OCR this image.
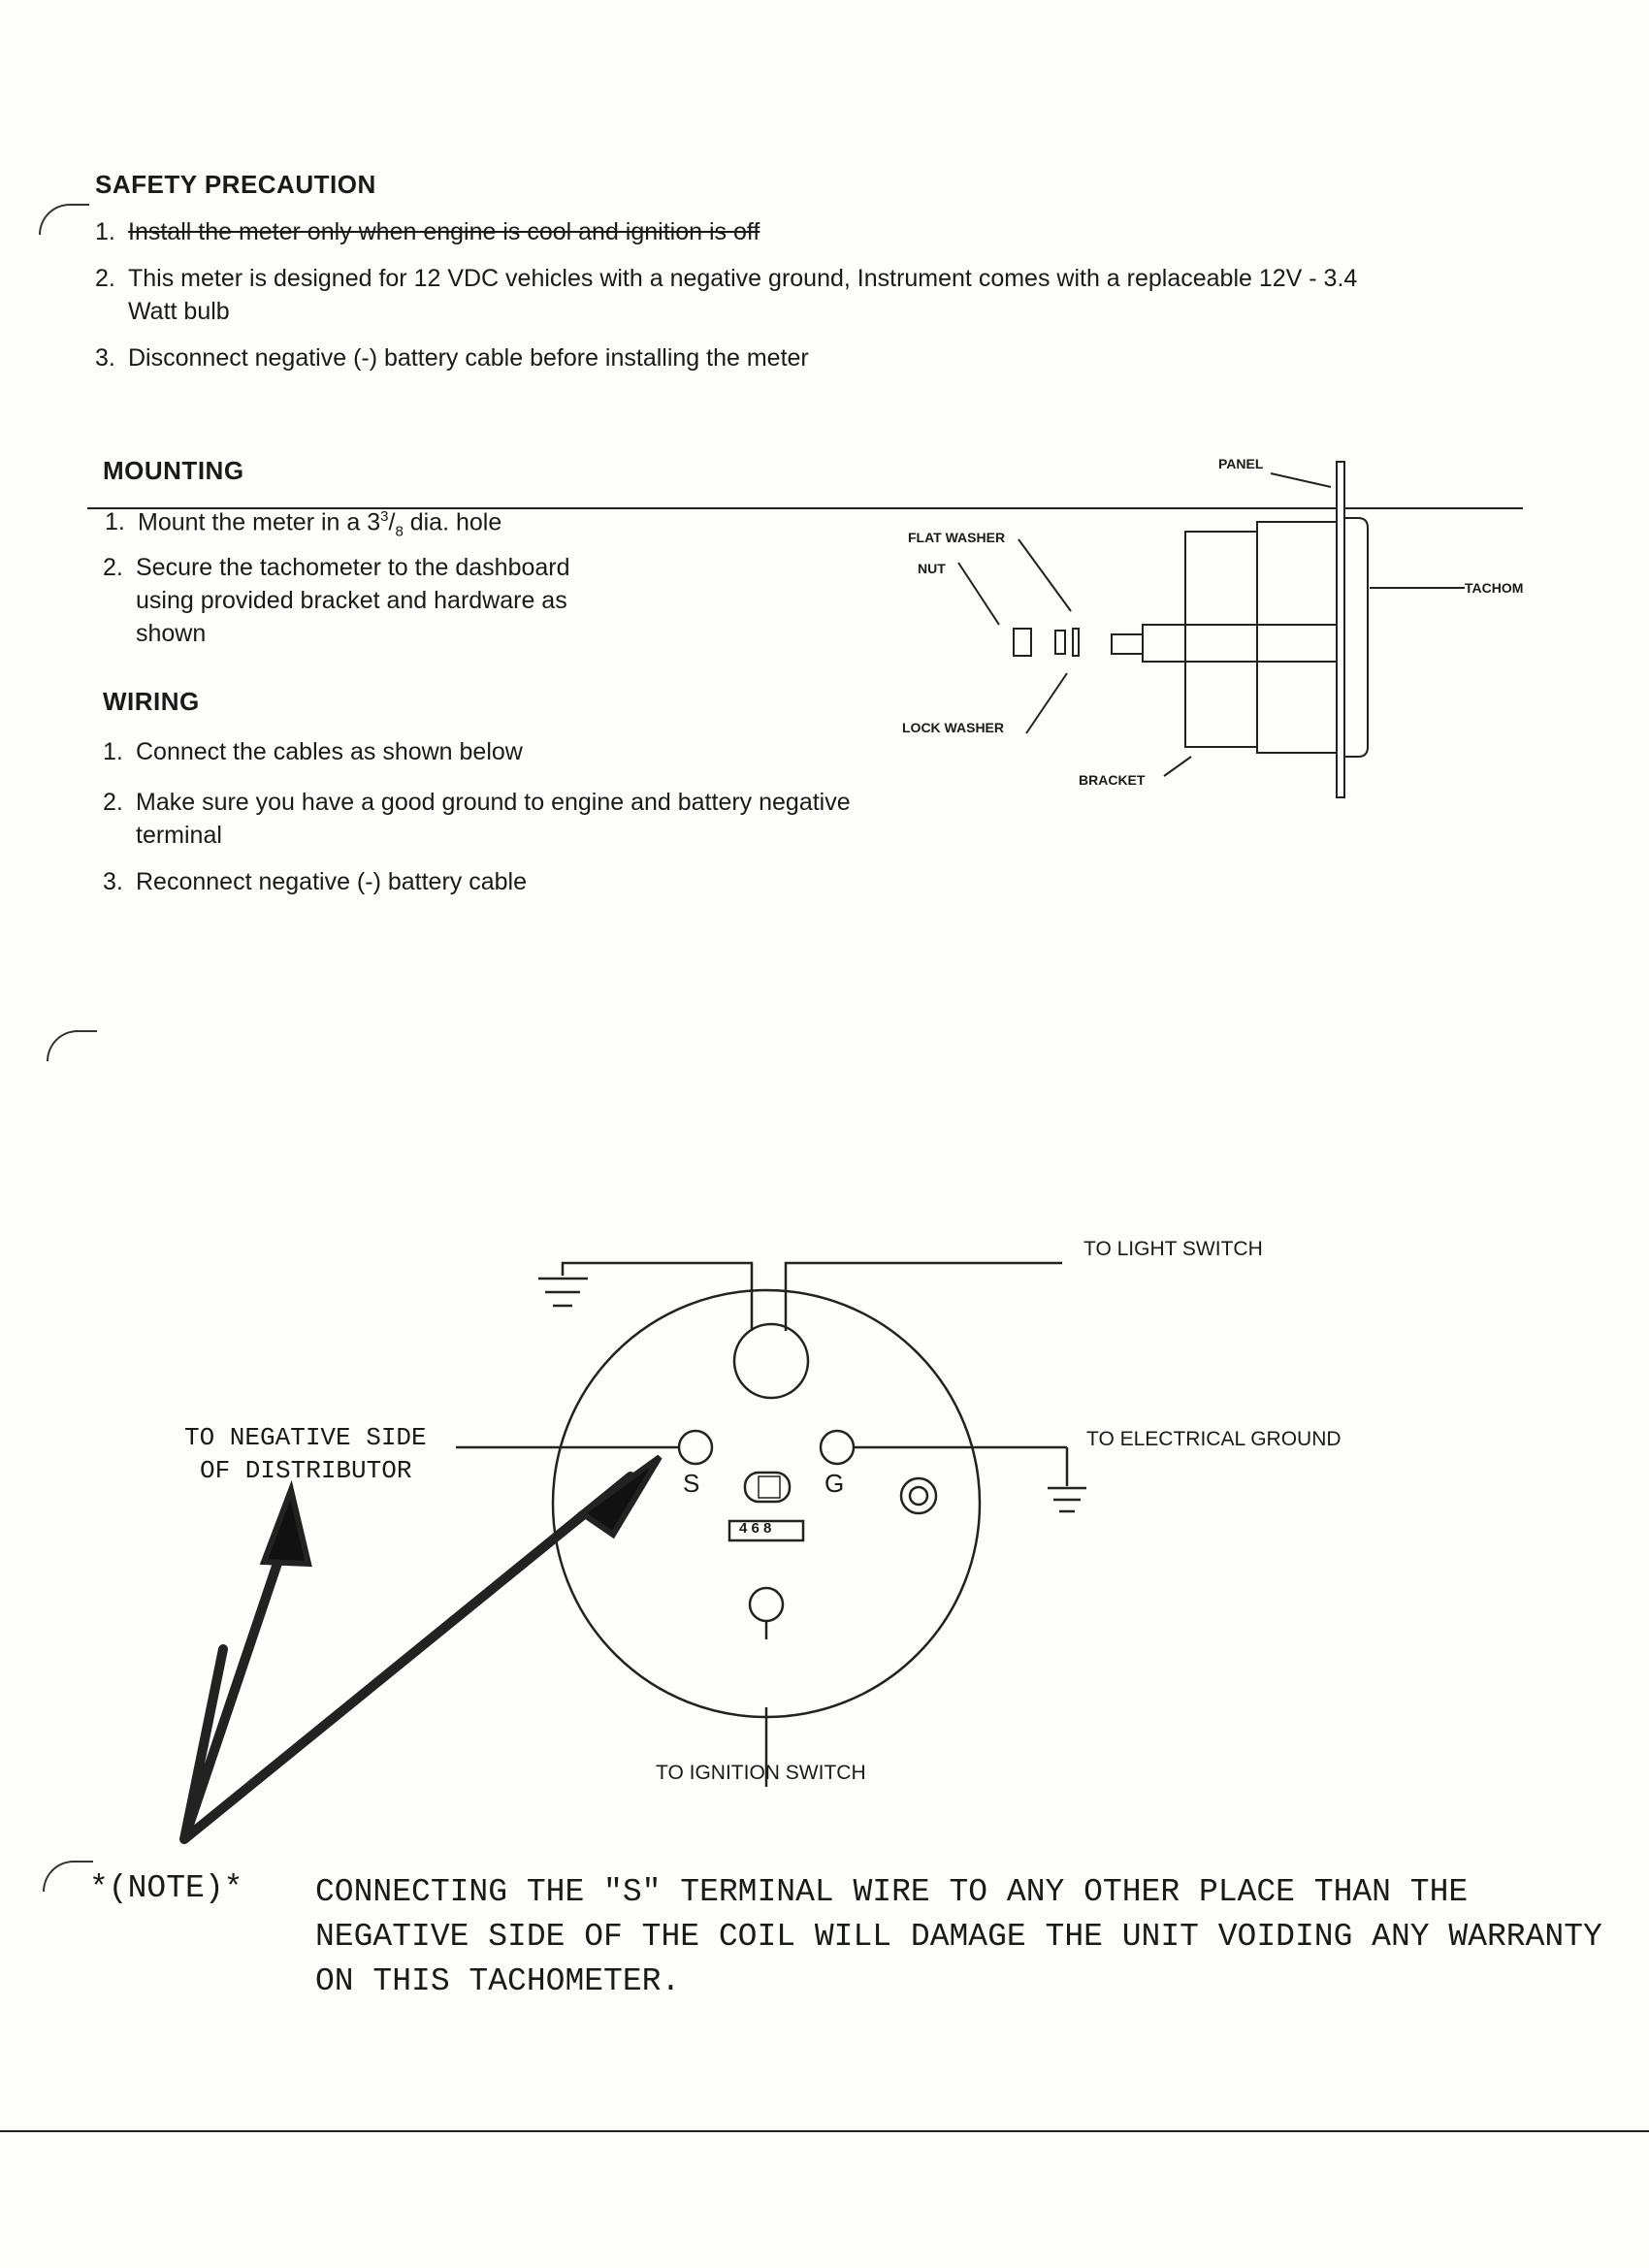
SAFETY PRECAUTION
1. Install the meter only when engine is cool and ignition is off
2. This meter is designed for 12 VDC vehicles with a negative ground, Instrument comes with a replaceable 12V - 3.4
Watt bulb
3. Disconnect negative (-) battery cable before installing the meter
MOUNTING
1. Mount the meter in a $3^3/_8$ dia. hole
2. Secure the tachometer to the dashboard
using provided bracket and hardware as
shown
WIRING
1. Connect the cables as shown below
2. Make sure you have a good ground to engine and battery negative
terminal
3. Reconnect negative (-) battery cable
PANEL
FLAT WASHER
NUT
TACHOM
LOCK WASHER
BRACKET
TO LIGHT SWITCH
TO ELECTRICAL GROUND
TO IGNITION SWITCH
TO NEGATIVE SIDE
OF DISTRIBUTOR	S	G
4 6 8
*(NOTE)* CONNECTING THE "S" TERMINAL WIRE TO ANY OTHER PLACE THAN THE NEGATIVE SIDE OF THE COIL WILL DAMAGE THE UNIT VOIDING ANY WARRANTY ON THIS TACHOMETER.
